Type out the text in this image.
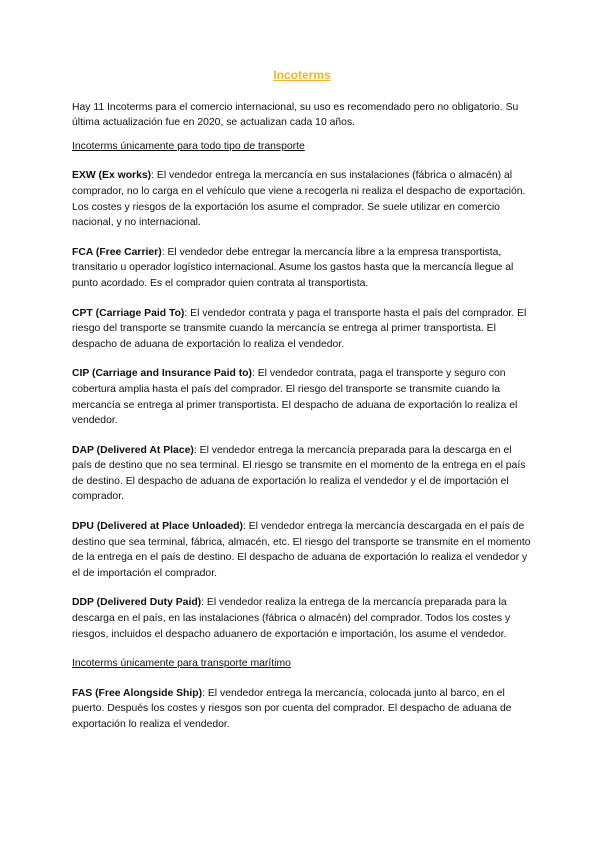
Incoterms

Hay 11 Incoterms para el comercio internacional, su uso es recomendado pero no obligatorio. Su última actualización fue en 2020, se actualizan cada 10 años.

Incoterms únicamente para todo tipo de transporte

EXW (Ex works): El vendedor entrega la mercancía en sus instalaciones (fábrica o almacén) al comprador, no lo carga en el vehículo que viene a recogerla ni realiza el despacho de exportación. Los costes y riesgos de la exportación los asume el comprador. Se suele utilizar en comercio nacional, y no internacional.

FCA (Free Carrier): El vendedor debe entregar la mercancía libre a la empresa transportista, transitario u operador logístico internacional. Asume los gastos hasta que la mercancía llegue al punto acordado. Es el comprador quien contrata al transportista.

CPT (Carriage Paid To): El vendedor contrata y paga el transporte hasta el país del comprador. El riesgo del transporte se transmite cuando la mercancía se entrega al primer transportista. El despacho de aduana de exportación lo realiza el vendedor.

CIP (Carriage and Insurance Paid to): El vendedor contrata, paga el transporte y seguro con cobertura amplia hasta el país del comprador. El riesgo del transporte se transmite cuando la mercancía se entrega al primer transportista. El despacho de aduana de exportación lo realiza el vendedor.

DAP (Delivered At Place): El vendedor entrega la mercancía preparada para la descarga en el país de destino que no sea terminal. El riesgo se transmite en el momento de la entrega en el país de destino. El despacho de aduana de exportación lo realiza el vendedor y el de importación el comprador.

DPU (Delivered at Place Unloaded): El vendedor entrega la mercancía descargada en el país de destino que sea terminal, fábrica, almacén, etc. El riesgo del transporte se transmite en el momento de la entrega en el país de destino. El despacho de aduana de exportación lo realiza el vendedor y el de importación el comprador.

DDP (Delivered Duty Paid): El vendedor realiza la entrega de la mercancía preparada para la descarga en el país, en las instalaciones (fábrica o almacén) del comprador. Todos los costes y riesgos, incluidos el despacho aduanero de exportación e importación, los asume el vendedor.

Incoterms únicamente para transporte marítimo

FAS (Free Alongside Ship): El vendedor entrega la mercancía, colocada junto al barco, en el puerto. Después los costes y riesgos son por cuenta del comprador. El despacho de aduana de exportación lo realiza el vendedor.
